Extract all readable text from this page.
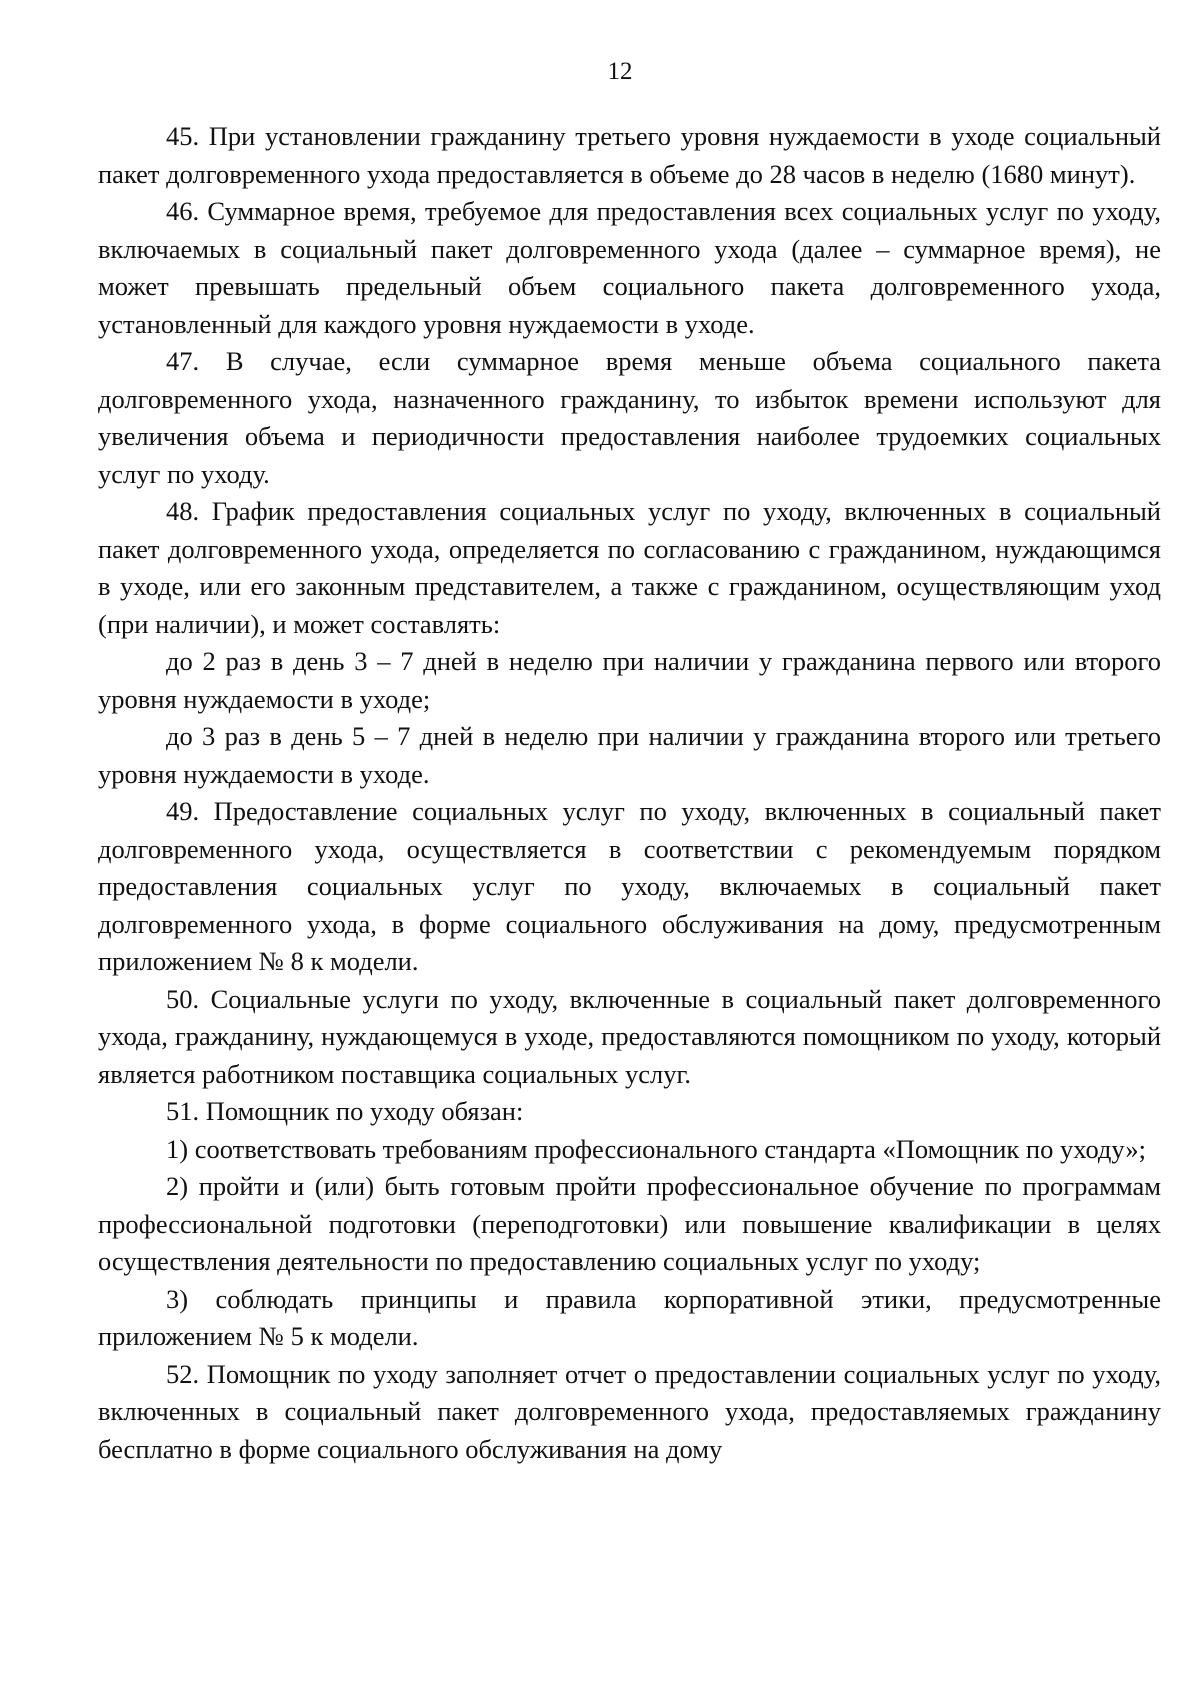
12

45. При установлении гражданину третьего уровня нуждаемости в уходе социальный пакет долговременного ухода предоставляется в объеме до 28 часов в неделю (1680 минут).

46. Суммарное время, требуемое для предоставления всех социальных услуг по уходу, включаемых в социальный пакет долговременного ухода (далее – суммарное время), не может превышать предельный объем социального пакета долговременного ухода, установленный для каждого уровня нуждаемости в уходе.

47. В случае, если суммарное время меньше объема социального пакета долговременного ухода, назначенного гражданину, то избыток времени используют для увеличения объема и периодичности предоставления наиболее трудоемких социальных услуг по уходу.

48. График предоставления социальных услуг по уходу, включенных в социальный пакет долговременного ухода, определяется по согласованию с гражданином, нуждающимся в уходе, или его законным представителем, а также с гражданином, осуществляющим уход (при наличии), и может составлять:

до 2 раз в день 3 – 7 дней в неделю при наличии у гражданина первого или второго уровня нуждаемости в уходе;

до 3 раз в день 5 – 7 дней в неделю при наличии у гражданина второго или третьего уровня нуждаемости в уходе.

49. Предоставление социальных услуг по уходу, включенных в социальный пакет долговременного ухода, осуществляется в соответствии с рекомендуемым порядком предоставления социальных услуг по уходу, включаемых в социальный пакет долговременного ухода, в форме социального обслуживания на дому, предусмотренным приложением № 8 к модели.

50. Социальные услуги по уходу, включенные в социальный пакет долговременного ухода, гражданину, нуждающемуся в уходе, предоставляются помощником по уходу, который является работником поставщика социальных услуг.

51. Помощник по уходу обязан:

1) соответствовать требованиям профессионального стандарта «Помощник по уходу»;

2) пройти и (или) быть готовым пройти профессиональное обучение по программам профессиональной подготовки (переподготовки) или повышение квалификации в целях осуществления деятельности по предоставлению социальных услуг по уходу;

3) соблюдать принципы и правила корпоративной этики, предусмотренные приложением № 5 к модели.

52. Помощник по уходу заполняет отчет о предоставлении социальных услуг по уходу, включенных в социальный пакет долговременного ухода, предоставляемых гражданину бесплатно в форме социального обслуживания на дому
